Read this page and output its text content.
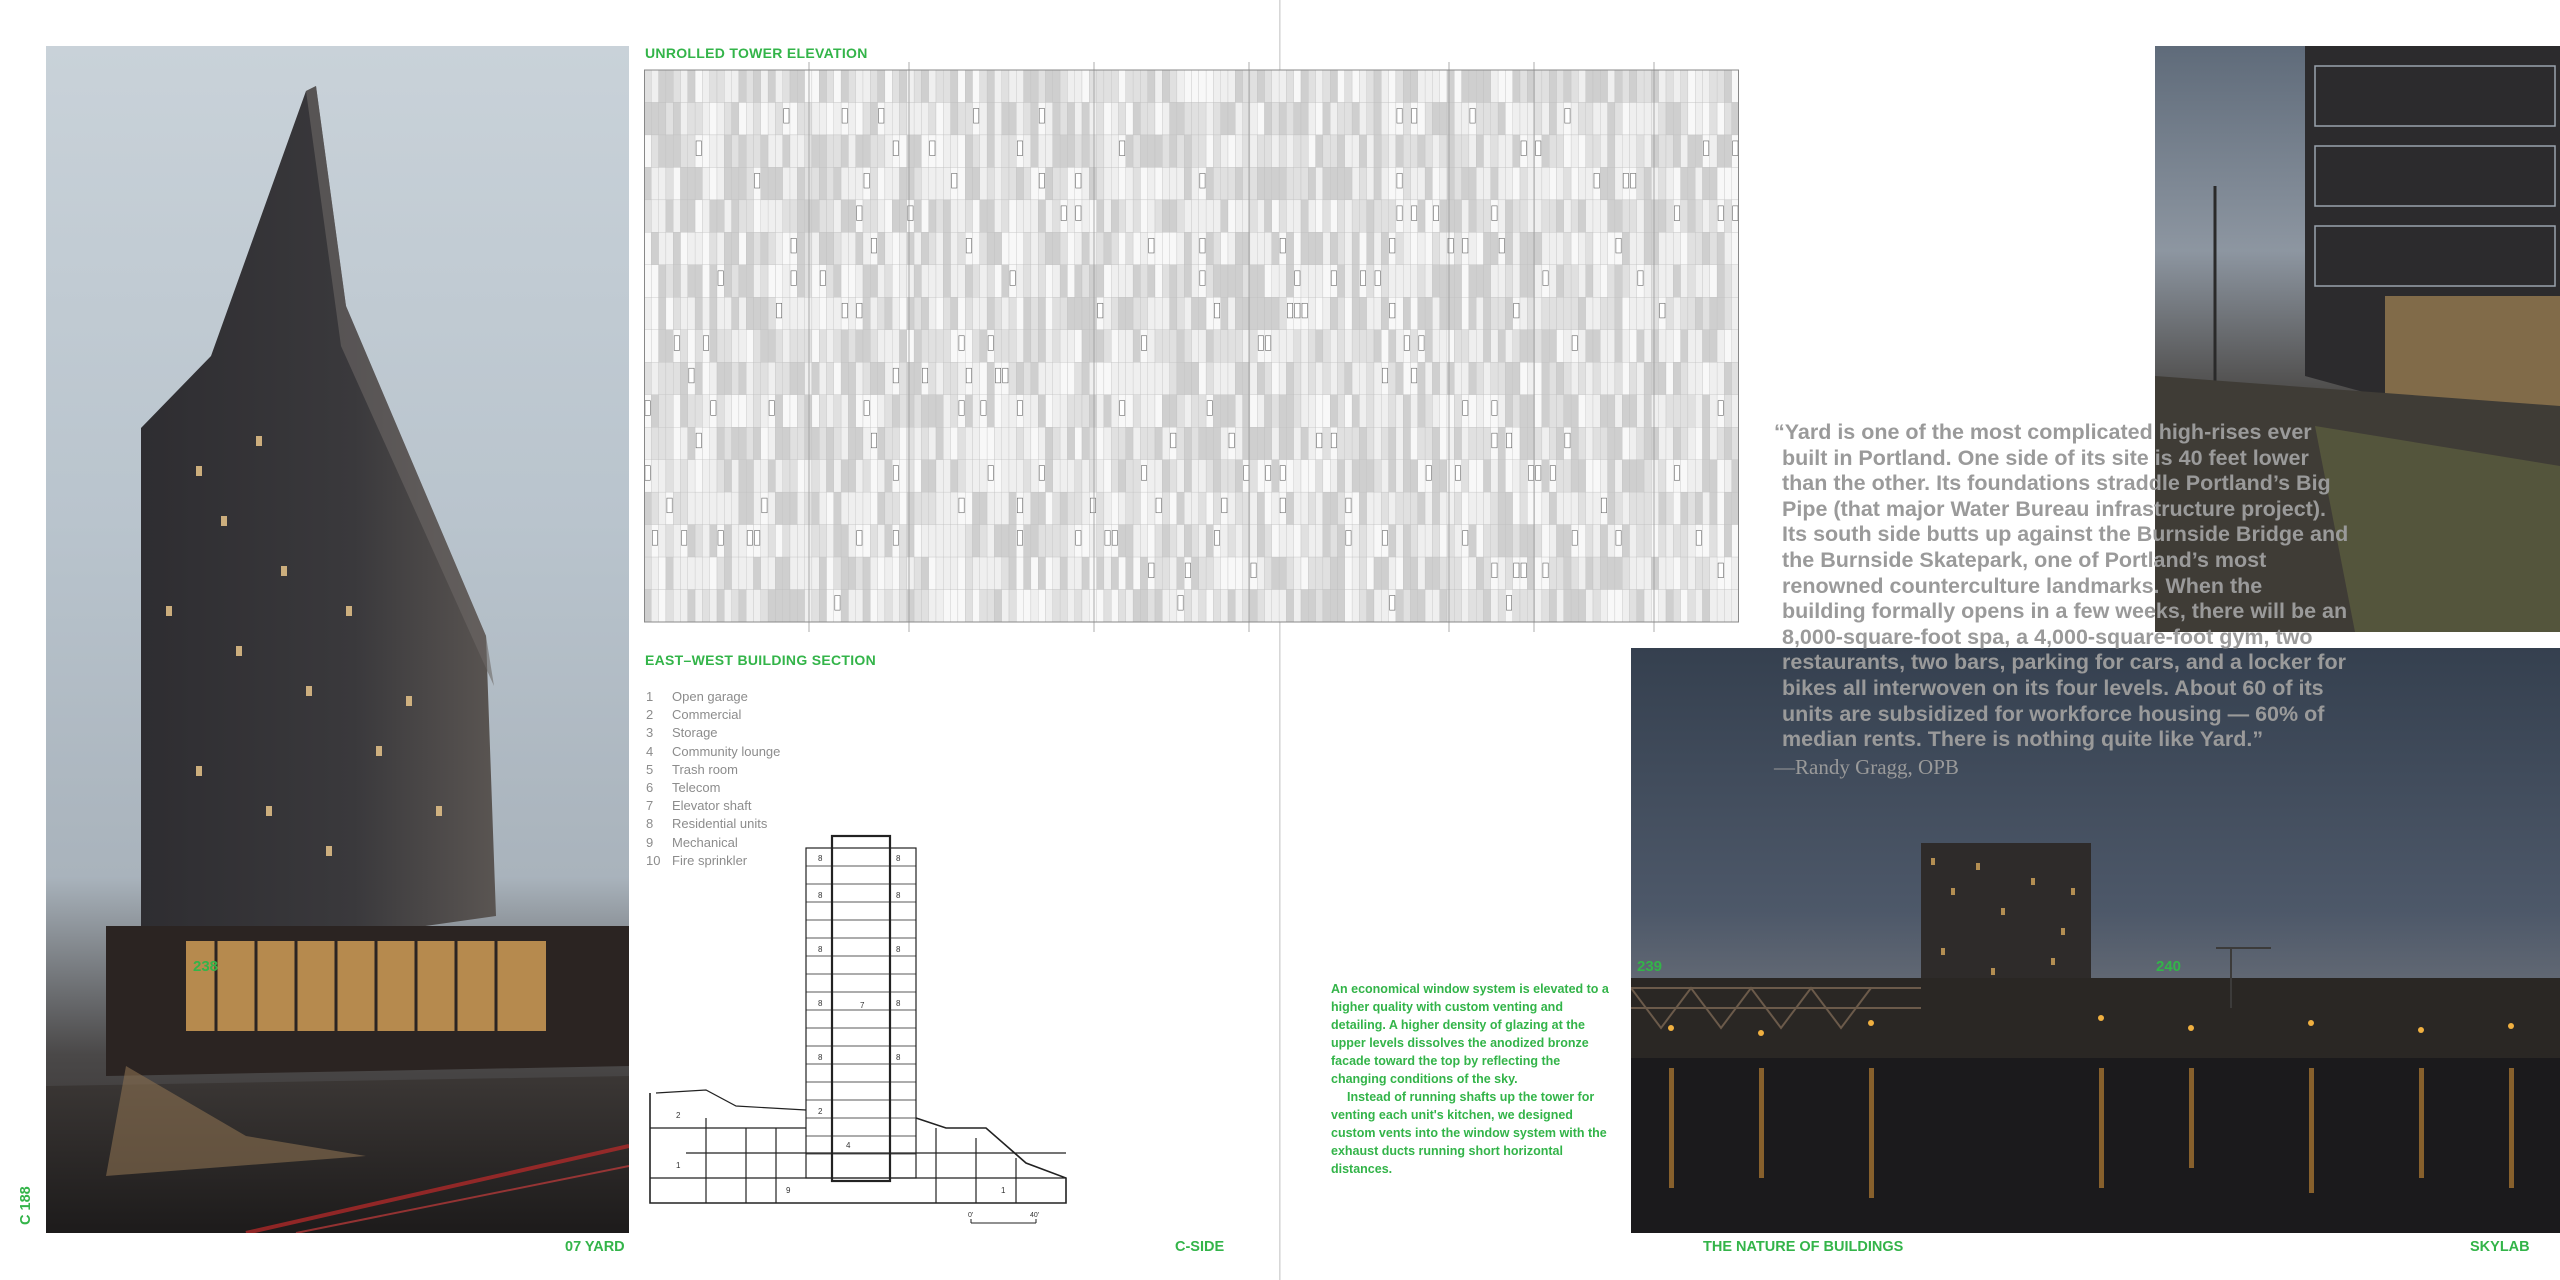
C 188
238
UNROLLED TOWER ELEVATION
EAST–WEST BUILDING SECTION
1	Open garage
2	Commercial
3	Storage
4	Community lounge
5	Trash room
6	Telecom
7	Elevator shaft
8	Residential units
9	Mechanical
10 Fire sprinkler	8	8
8	8
8	8
8	8
8	8
7
2
2
1
4
9	1
0'	40'
07 YARD	C-SIDE

An economical window system is elevated to a higher quality with custom venting and detailing. A higher density of glazing at the upper levels dissolves the anodized bronze facade toward the top by reflecting the changing conditions of the sky.

Instead of running shafts up the tower for venting each unit's kitchen, we designed custom vents into the window system with the exhaust ducts running short horizontal distances.

239	240
“Yard is one of the most complicated high-rises ever built in Portland. One side of its site is 40 feet lower than the other. Its foundations straddle Portland’s Big Pipe (that major Water Bureau infrastructure project). Its south side butts up against the Burnside Bridge and the Burnside Skatepark, one of Portland’s most renowned counterculture landmarks. When the building formally opens in a few weeks, there will be an 8,000-square-foot spa, a 4,000-square-foot gym, two restaurants, two bars, parking for cars, and a locker for bikes all interwoven on its four levels. About 60 of its units are subsidized for workforce housing — 60% of median rents. There is nothing quite like Yard.”
—Randy Gragg, OPB
THE NATURE OF BUILDINGS	SKYLAB
